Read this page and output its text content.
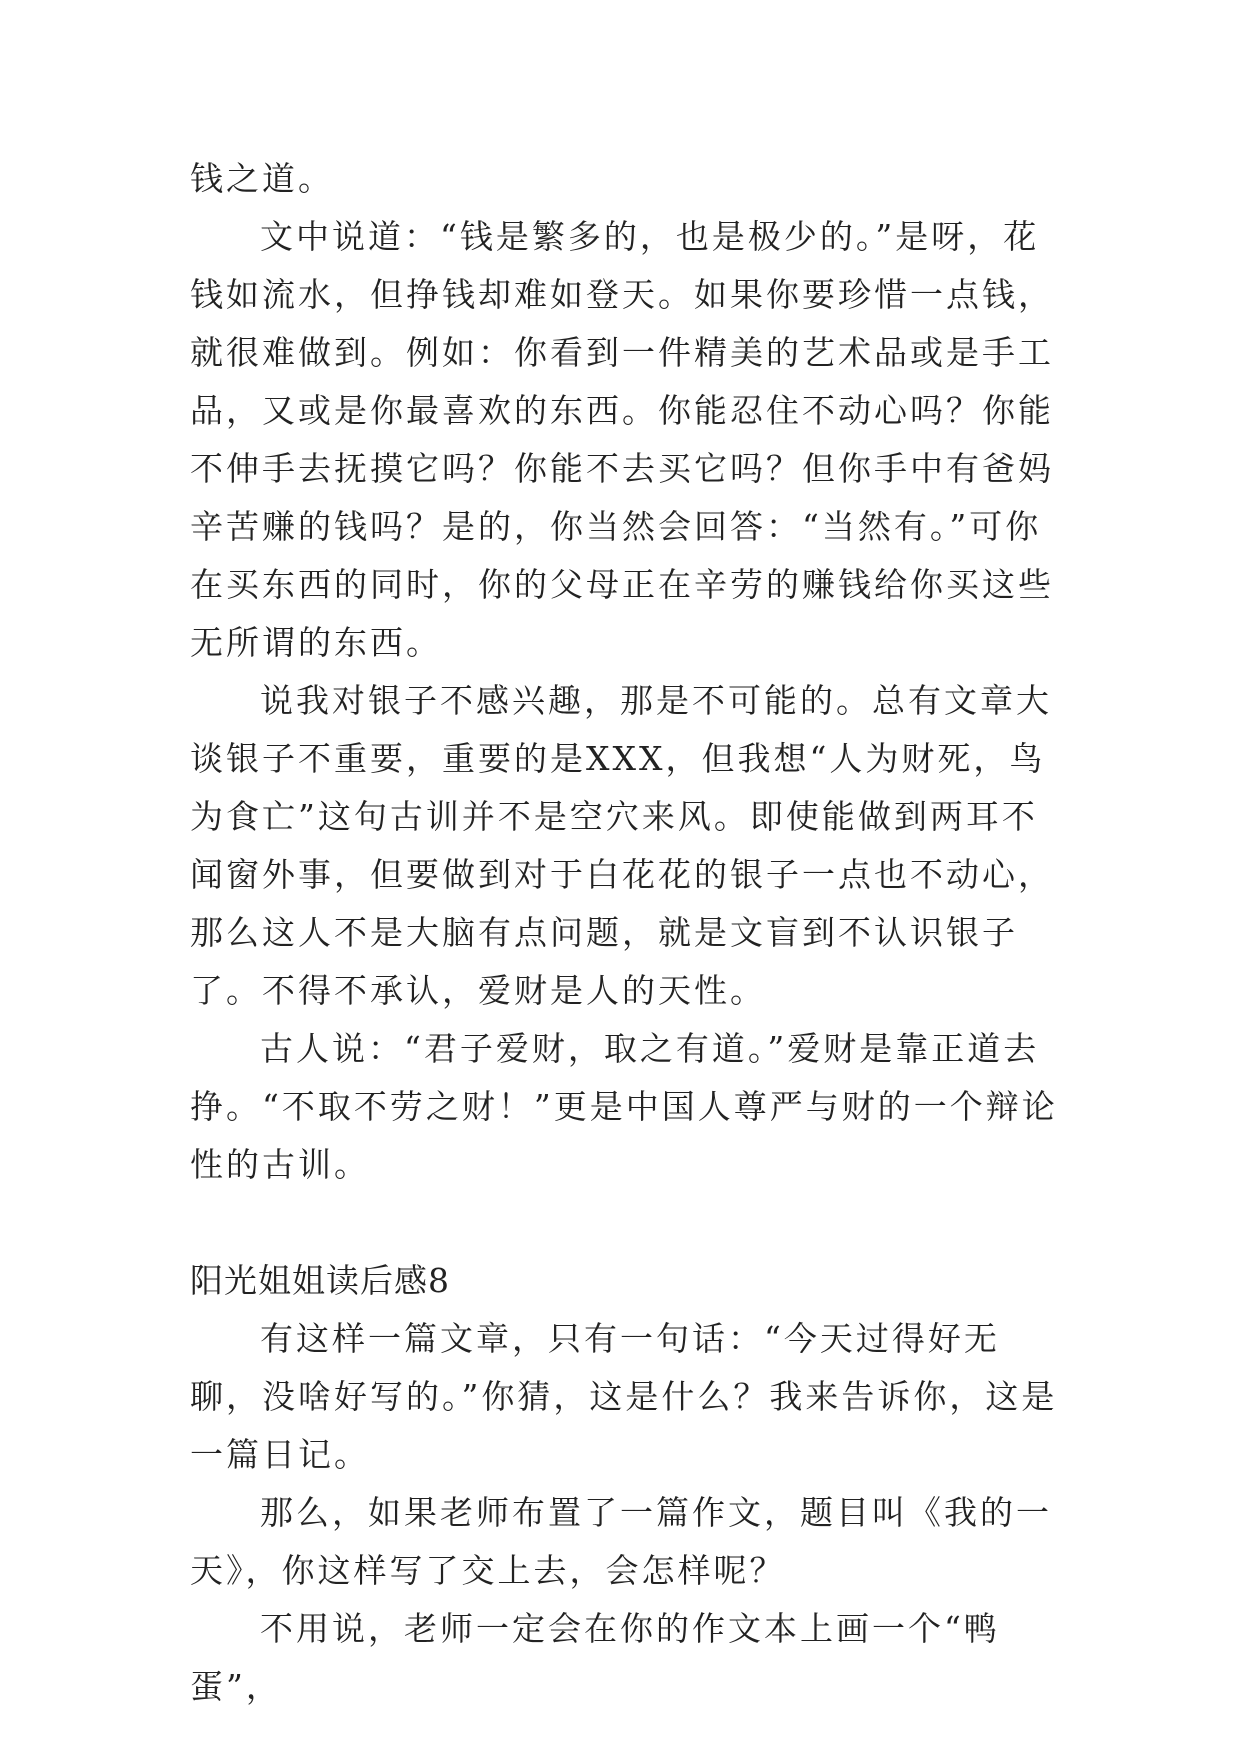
钱之道。

文中说道：“钱是繁多的，也是极少的。”是呀，花钱如流水，但挣钱却难如登天。如果你要珍惜一点钱，就很难做到。例如：你看到一件精美的艺术品或是手工品，又或是你最喜欢的东西。你能忍住不动心吗？你能不伸手去抚摸它吗？你能不去买它吗？但你手中有爸妈辛苦赚的钱吗？是的，你当然会回答：“当然有。”可你在买东西的同时，你的父母正在辛劳的赚钱给你买这些无所谓的东西。

说我对银子不感兴趣，那是不可能的。总有文章大谈银子不重要，重要的是XXX，但我想“人为财死，鸟为食亡”这句古训并不是空穴来风。即使能做到两耳不闻窗外事，但要做到对于白花花的银子一点也不动心，那么这人不是大脑有点问题，就是文盲到不认识银子了。不得不承认，爱财是人的天性。

古人说：“君子爱财，取之有道。”爱财是靠正道去挣。“不取不劳之财！”更是中国人尊严与财的一个辩论性的古训。

阳光姐姐读后感8

有这样一篇文章，只有一句话：“今天过得好无聊，没啥好写的。”你猜，这是什么？我来告诉你，这是一篇日记。

那么，如果老师布置了一篇作文，题目叫《我的一天》，你这样写了交上去，会怎样呢？

不用说，老师一定会在你的作文本上画一个“鸭蛋”，
